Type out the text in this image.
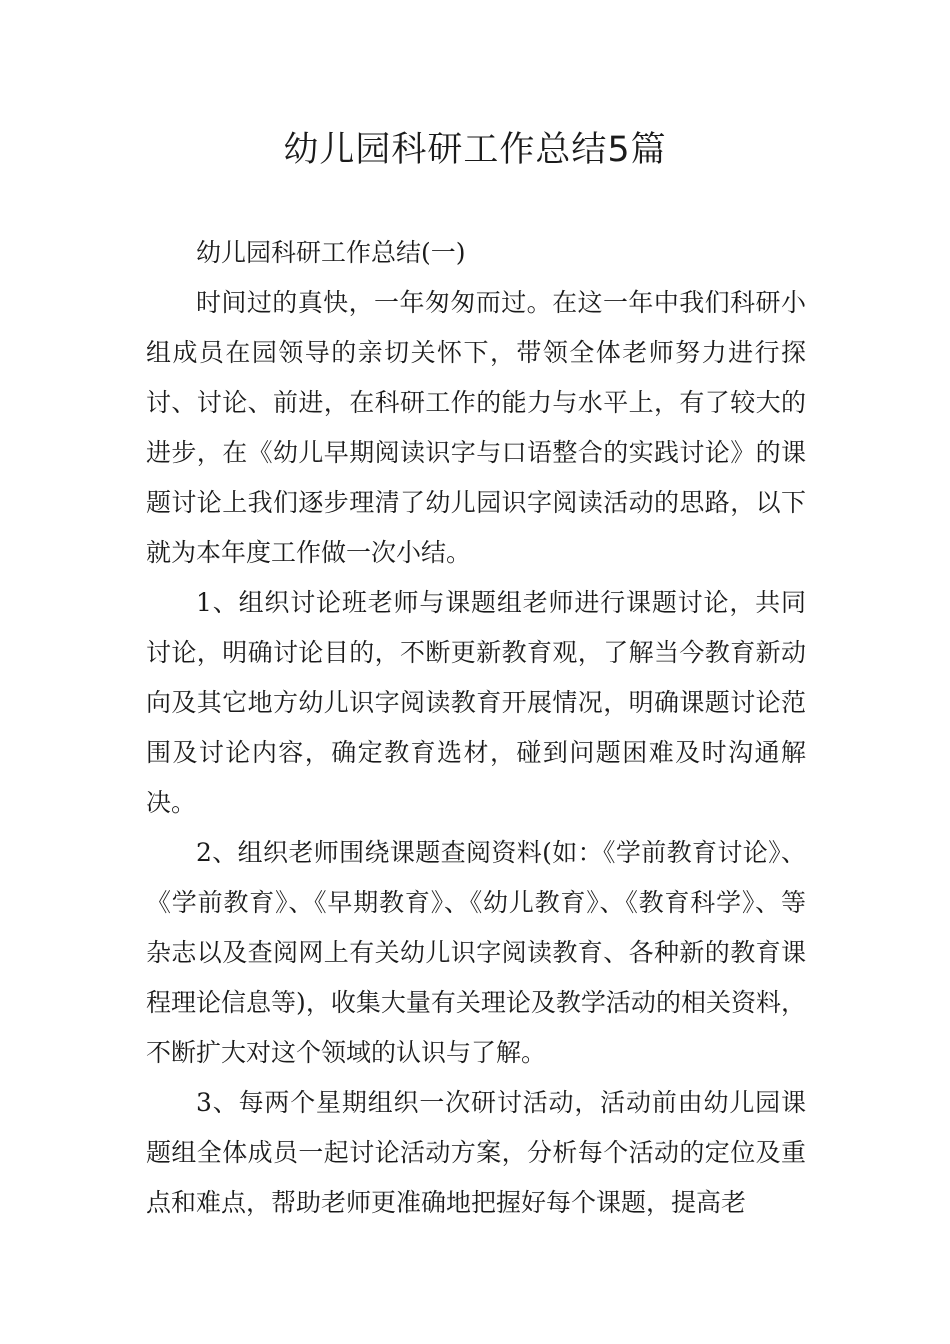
幼儿园科研工作总结5篇

幼儿园科研工作总结(一)

时间过的真快，一年匆匆而过。在这一年中我们科研小组成员在园领导的亲切关怀下，带领全体老师努力进行探讨、讨论、前进，在科研工作的能力与水平上，有了较大的进步，在《幼儿早期阅读识字与口语整合的实践讨论》的课题讨论上我们逐步理清了幼儿园识字阅读活动的思路，以下就为本年度工作做一次小结。

1、组织讨论班老师与课题组老师进行课题讨论，共同讨论，明确讨论目的，不断更新教育观，了解当今教育新动向及其它地方幼儿识字阅读教育开展情况，明确课题讨论范围及讨论内容，确定教育选材，碰到问题困难及时沟通解决。

2、组织老师围绕课题查阅资料(如：《学前教育讨论》、《学前教育》、《早期教育》、《幼儿教育》、《教育科学》、等杂志以及查阅网上有关幼儿识字阅读教育、各种新的教育课程理论信息等)，收集大量有关理论及教学活动的相关资料，不断扩大对这个领域的认识与了解。

3、每两个星期组织一次研讨活动，活动前由幼儿园课题组全体成员一起讨论活动方案，分析每个活动的定位及重点和难点，帮助老师更准确地把握好每个课题，提高老
